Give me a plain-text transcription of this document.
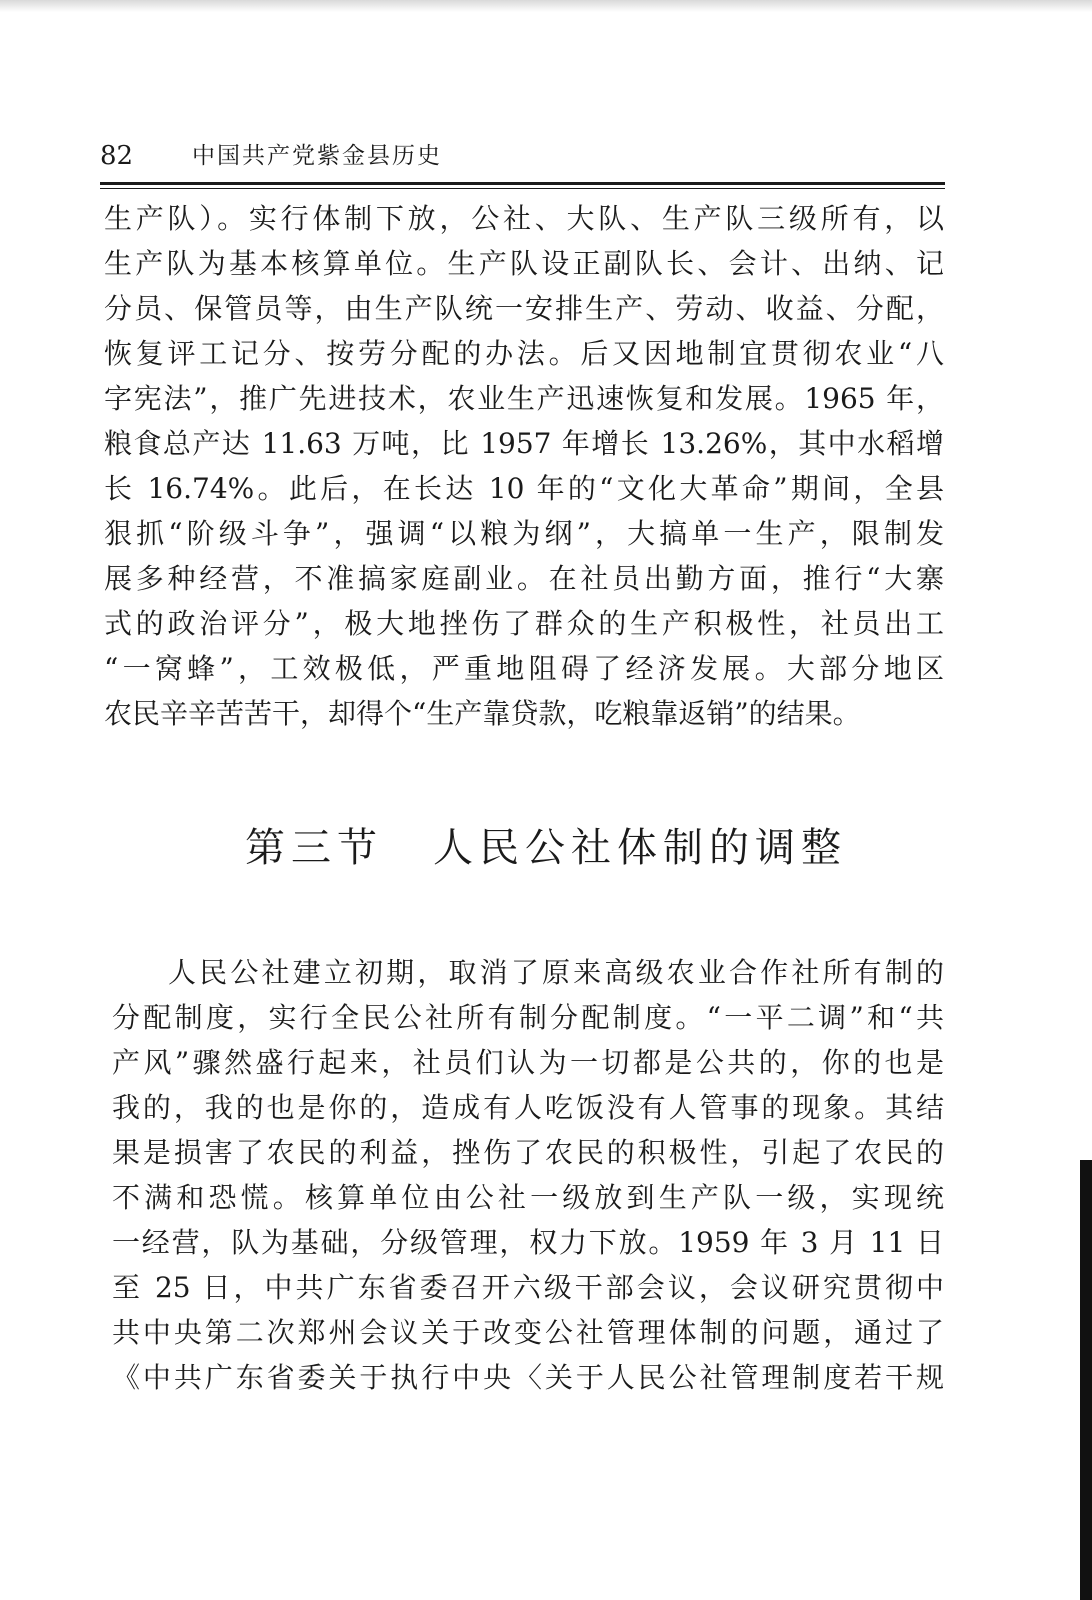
82	中国共产党紫金县历史
生产队）。实行体制下放，公社、大队、生产队三级所有，以
生产队为基本核算单位。生产队设正副队长、会计、出纳、记
分员、保管员等，由生产队统一安排生产、劳动、收益、分配，
恢复评工记分、按劳分配的办法。后又因地制宜贯彻农业“八
字宪法”，推广先进技术，农业生产迅速恢复和发展。1965 年，
粮食总产达 11.63 万吨，比 1957 年增长 13.26%，其中水稻增
长 16.74%。此后，在长达 10 年的“文化大革命”期间，全县
狠抓“阶级斗争”，强调“以粮为纲”，大搞单一生产，限制发
展多种经营，不准搞家庭副业。在社员出勤方面，推行“大寨
式的政治评分”，极大地挫伤了群众的生产积极性，社员出工
“一窝蜂”，工效极低，严重地阻碍了经济发展。大部分地区
农民辛辛苦苦干，却得个“生产靠贷款，吃粮靠返销”的结果。
第三节 人民公社体制的调整
人民公社建立初期，取消了原来高级农业合作社所有制的
分配制度，实行全民公社所有制分配制度。“一平二调”和“共
产风”骤然盛行起来，社员们认为一切都是公共的，你的也是
我的，我的也是你的，造成有人吃饭没有人管事的现象。其结
果是损害了农民的利益，挫伤了农民的积极性，引起了农民的
不满和恐慌。核算单位由公社一级放到生产队一级，实现统
一经营，队为基础，分级管理，权力下放。1959 年 3 月 11 日
至 25 日，中共广东省委召开六级干部会议，会议研究贯彻中
共中央第二次郑州会议关于改变公社管理体制的问题，通过了
《中共广东省委关于执行中央〈关于人民公社管理制度若干规
